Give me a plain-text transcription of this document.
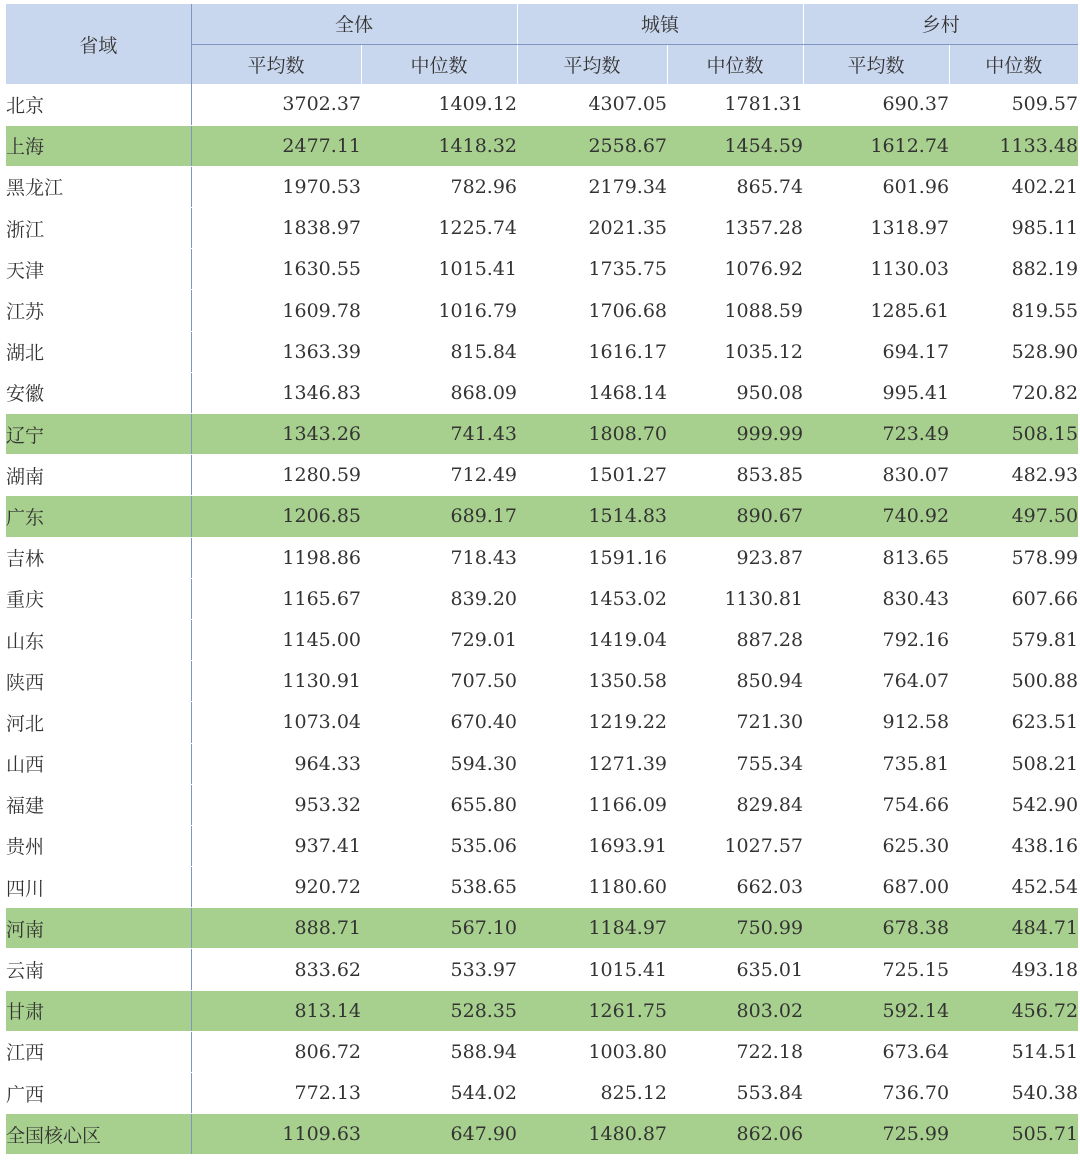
省域	全体		城镇		乡村	
	平均数	中位数	平均数	中位数	平均数	中位数
北京	3702.37	1409.12	4307.05	1781.31	690.37	509.57
上海	2477.11	1418.32	2558.67	1454.59	1612.74	1133.48
黑龙江	1970.53	782.96	2179.34	865.74	601.96	402.21
浙江	1838.97	1225.74	2021.35	1357.28	1318.97	985.11
天津	1630.55	1015.41	1735.75	1076.92	1130.03	882.19
江苏	1609.78	1016.79	1706.68	1088.59	1285.61	819.55
湖北	1363.39	815.84	1616.17	1035.12	694.17	528.90
安徽	1346.83	868.09	1468.14	950.08	995.41	720.82
辽宁	1343.26	741.43	1808.70	999.99	723.49	508.15
湖南	1280.59	712.49	1501.27	853.85	830.07	482.93
广东	1206.85	689.17	1514.83	890.67	740.92	497.50
吉林	1198.86	718.43	1591.16	923.87	813.65	578.99
重庆	1165.67	839.20	1453.02	1130.81	830.43	607.66
山东	1145.00	729.01	1419.04	887.28	792.16	579.81
陕西	1130.91	707.50	1350.58	850.94	764.07	500.88
河北	1073.04	670.40	1219.22	721.30	912.58	623.51
山西	964.33	594.30	1271.39	755.34	735.81	508.21
福建	953.32	655.80	1166.09	829.84	754.66	542.90
贵州	937.41	535.06	1693.91	1027.57	625.30	438.16
四川	920.72	538.65	1180.60	662.03	687.00	452.54
河南	888.71	567.10	1184.97	750.99	678.38	484.71
云南	833.62	533.97	1015.41	635.01	725.15	493.18
甘肃	813.14	528.35	1261.75	803.02	592.14	456.72
江西	806.72	588.94	1003.80	722.18	673.64	514.51
广西	772.13	544.02	825.12	553.84	736.70	540.38
全国核心区	1109.63	647.90	1480.87	862.06	725.99	505.71
